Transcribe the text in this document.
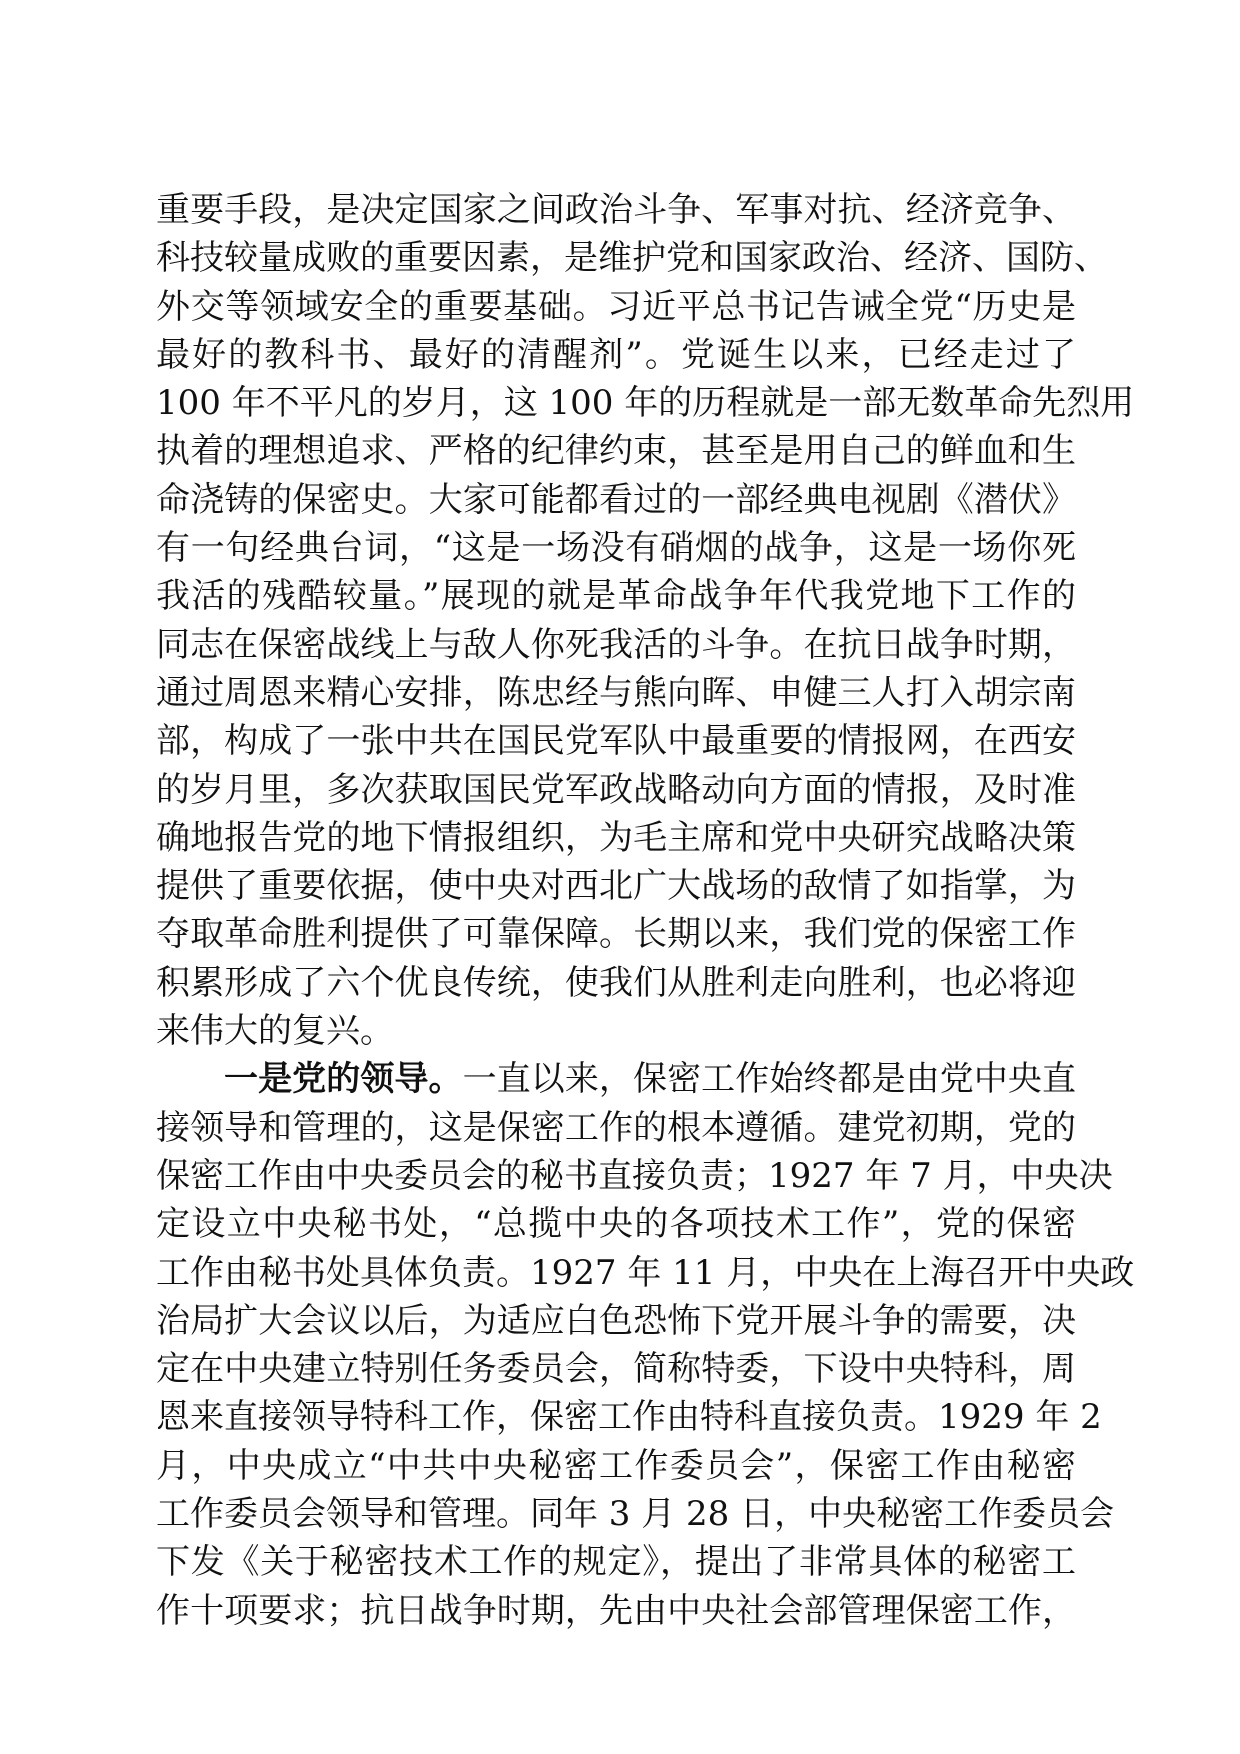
重要手段，是决定国家之间政治斗争、军事对抗、经济竞争、
科技较量成败的重要因素，是维护党和国家政治、经济、国防、
外交等领域安全的重要基础。习近平总书记告诫全党“历史是
最好的教科书、最好的清醒剂”。党诞生以来，已经走过了
100 年不平凡的岁月，这 100 年的历程就是一部无数革命先烈用
执着的理想追求、严格的纪律约束，甚至是用自己的鲜血和生
命浇铸的保密史。大家可能都看过的一部经典电视剧《潜伏》
有一句经典台词，“这是一场没有硝烟的战争，这是一场你死
我活的残酷较量。”展现的就是革命战争年代我党地下工作的
同志在保密战线上与敌人你死我活的斗争。在抗日战争时期，
通过周恩来精心安排，陈忠经与熊向晖、申健三人打入胡宗南
部，构成了一张中共在国民党军队中最重要的情报网，在西安
的岁月里，多次获取国民党军政战略动向方面的情报，及时准
确地报告党的地下情报组织，为毛主席和党中央研究战略决策
提供了重要依据，使中央对西北广大战场的敌情了如指掌，为
夺取革命胜利提供了可靠保障。长期以来，我们党的保密工作
积累形成了六个优良传统，使我们从胜利走向胜利，也必将迎
来伟大的复兴。
一是党的领导。一直以来，保密工作始终都是由党中央直
接领导和管理的，这是保密工作的根本遵循。建党初期，党的
保密工作由中央委员会的秘书直接负责；1927 年 7 月，中央决
定设立中央秘书处，“总揽中央的各项技术工作”，党的保密
工作由秘书处具体负责。1927 年 11 月，中央在上海召开中央政
治局扩大会议以后，为适应白色恐怖下党开展斗争的需要，决
定在中央建立特别任务委员会，简称特委，下设中央特科，周
恩来直接领导特科工作，保密工作由特科直接负责。1929 年 2
月，中央成立“中共中央秘密工作委员会”，保密工作由秘密
工作委员会领导和管理。同年 3 月 28 日，中央秘密工作委员会
下发《关于秘密技术工作的规定》，提出了非常具体的秘密工
作十项要求；抗日战争时期，先由中央社会部管理保密工作，
